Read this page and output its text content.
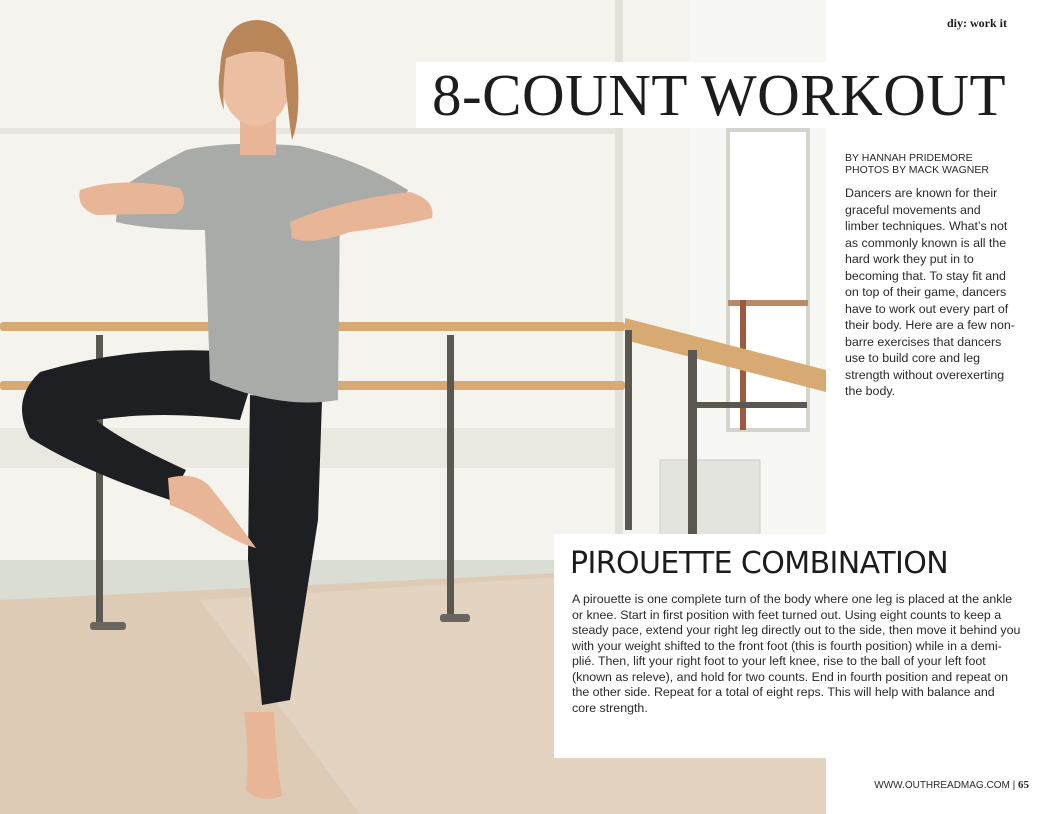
diy: work it
8-COUNT WORKOUT
BY HANNAH PRIDEMORE
PHOTOS BY MACK WAGNER
Dancers are known for their graceful movements and limber techniques. What’s not as commonly known is all the hard work they put in to becoming that. To stay fit and on top of their game, dancers have to work out every part of their body. Here are a few non-barre exercises that dancers use to build core and leg strength without overexerting the body.
PIROUETTE COMBINATION
A pirouette is one complete turn of the body where one leg is placed at the ankle or knee. Start in first position with feet turned out. Using eight counts to keep a steady pace, extend your right leg directly out to the side, then move it behind you with your weight shifted to the front foot (this is fourth position) while in a demi-plié. Then, lift your right foot to your left knee, rise to the ball of your left foot (known as releve), and hold for two counts. End in fourth position and repeat on the other side. Repeat for a total of eight reps. This will help with balance and core strength.
WWW.OUTHREADMAG.COM | 65
